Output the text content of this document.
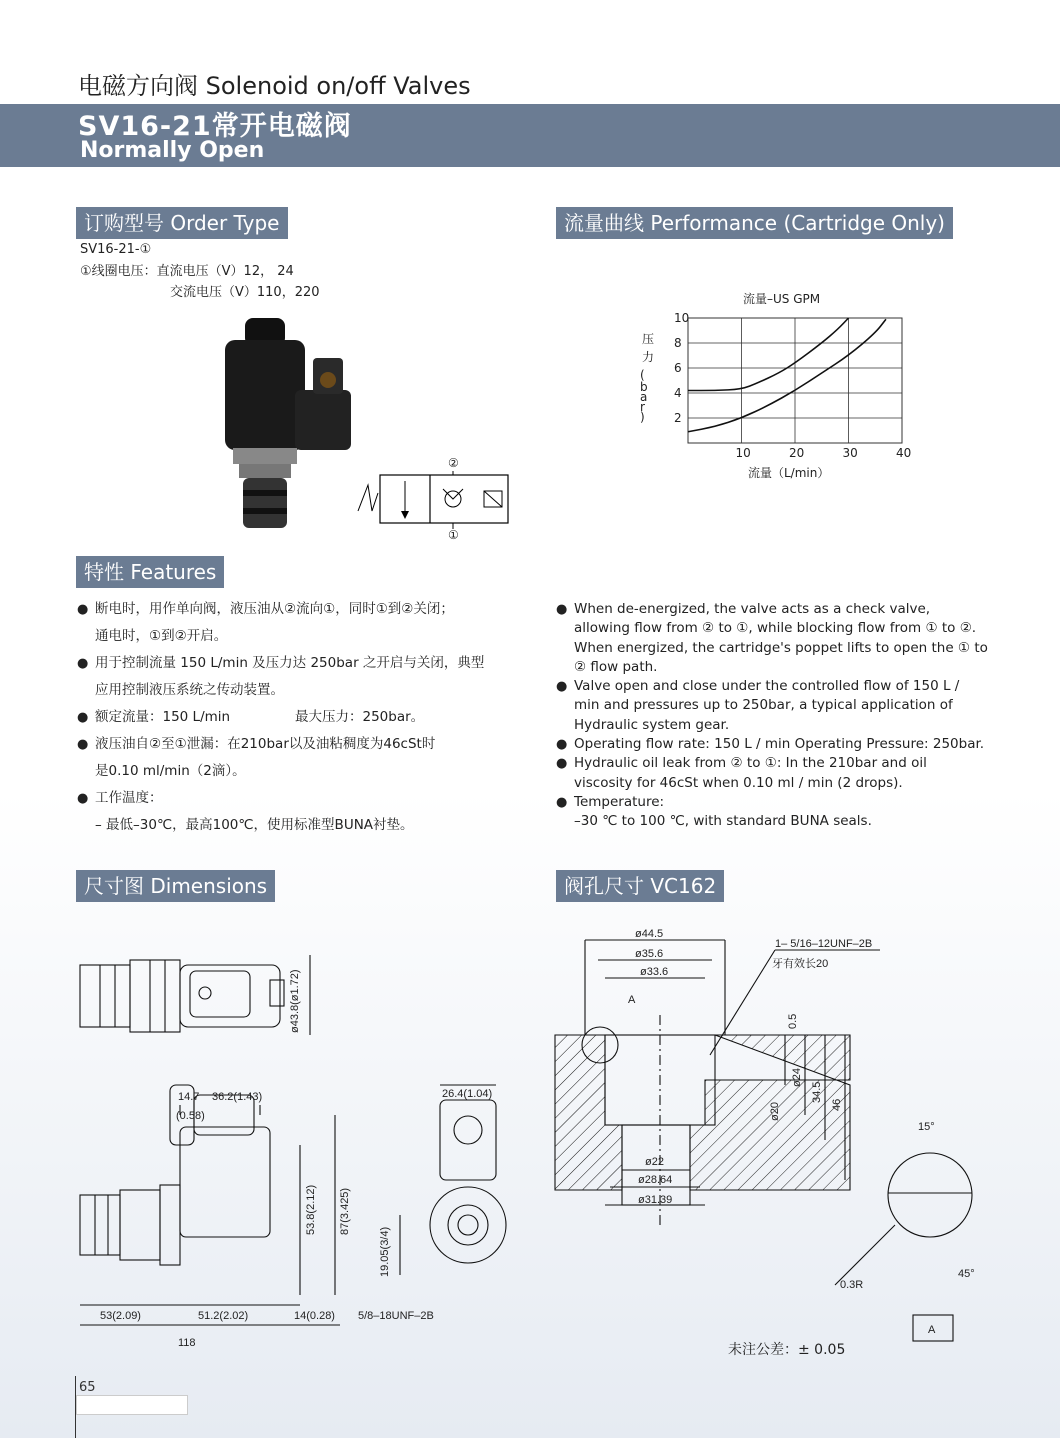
电磁方向阀 Solenoid on/off Valves
SV16-21常开电磁阀
Normally Open
订购型号 Order Type
SV16-21-①
①线圈电压：直流电压（V）12， 24
交流电压（V）110，220
②
①
流量曲线 Performance (Cartridge Only)
流量–US GPM
10	20	30	40
2
4
6
8
10
压力( b a r )
流量（L/min）
特性 Features
● 断电时，用作单向阀，液压油从②流向①，同时①到②关闭；
通电时，①到②开启。
● 用于控制流量 150 L/min 及压力达 250bar 之开启与关闭，典型
应用控制液压系统之传动装置。
● 额定流量：150 L/min	最大压力：250bar。
● 液压油自②至①泄漏：在210bar以及油粘稠度为46cSt时
是0.10 ml/min（2滴）。
● 工作温度：
– 最低–30℃，最高100℃，使用标准型BUNA衬垫。
● When de-energized, the valve acts as a check valve, allowing flow from ② to ①, while blocking flow from ① to ②. When energized, the cartridge's poppet lifts to open the ① to ② flow path.
● Valve open and close under the controlled flow of 150 L / min and pressures up to 250bar, a typical application of Hydraulic system gear.
● Operating flow rate: 150 L / min Operating Pressure: 250bar.
● Hydraulic oil leak from ② to ①: In the 210bar and oil viscosity for 46cSt when 0.10 ml / min (2 drops).
● Temperature:
–30 ℃ to 100 ℃, with standard BUNA seals.
尺寸图 Dimensions
ø43.8(ø1.72)
14.7
(0.58)
36.2(1.43)
53.8(2.12) 87(3.425)
26.4(1.04)
19.05(3/4)
53(2.09)	51.2(2.02)	14(0.28)
118
5/8–18UNF–2B
阀孔尺寸 VC162
ø44.5
ø35.6
ø33.6
1– 5/16–12UNF–2B
牙有效长20
A
0.5
ø24
34.5
46
ø20
ø22
ø28.64
ø31.39
15°
0.3R
45°
A
未注公差：± 0.05
65
